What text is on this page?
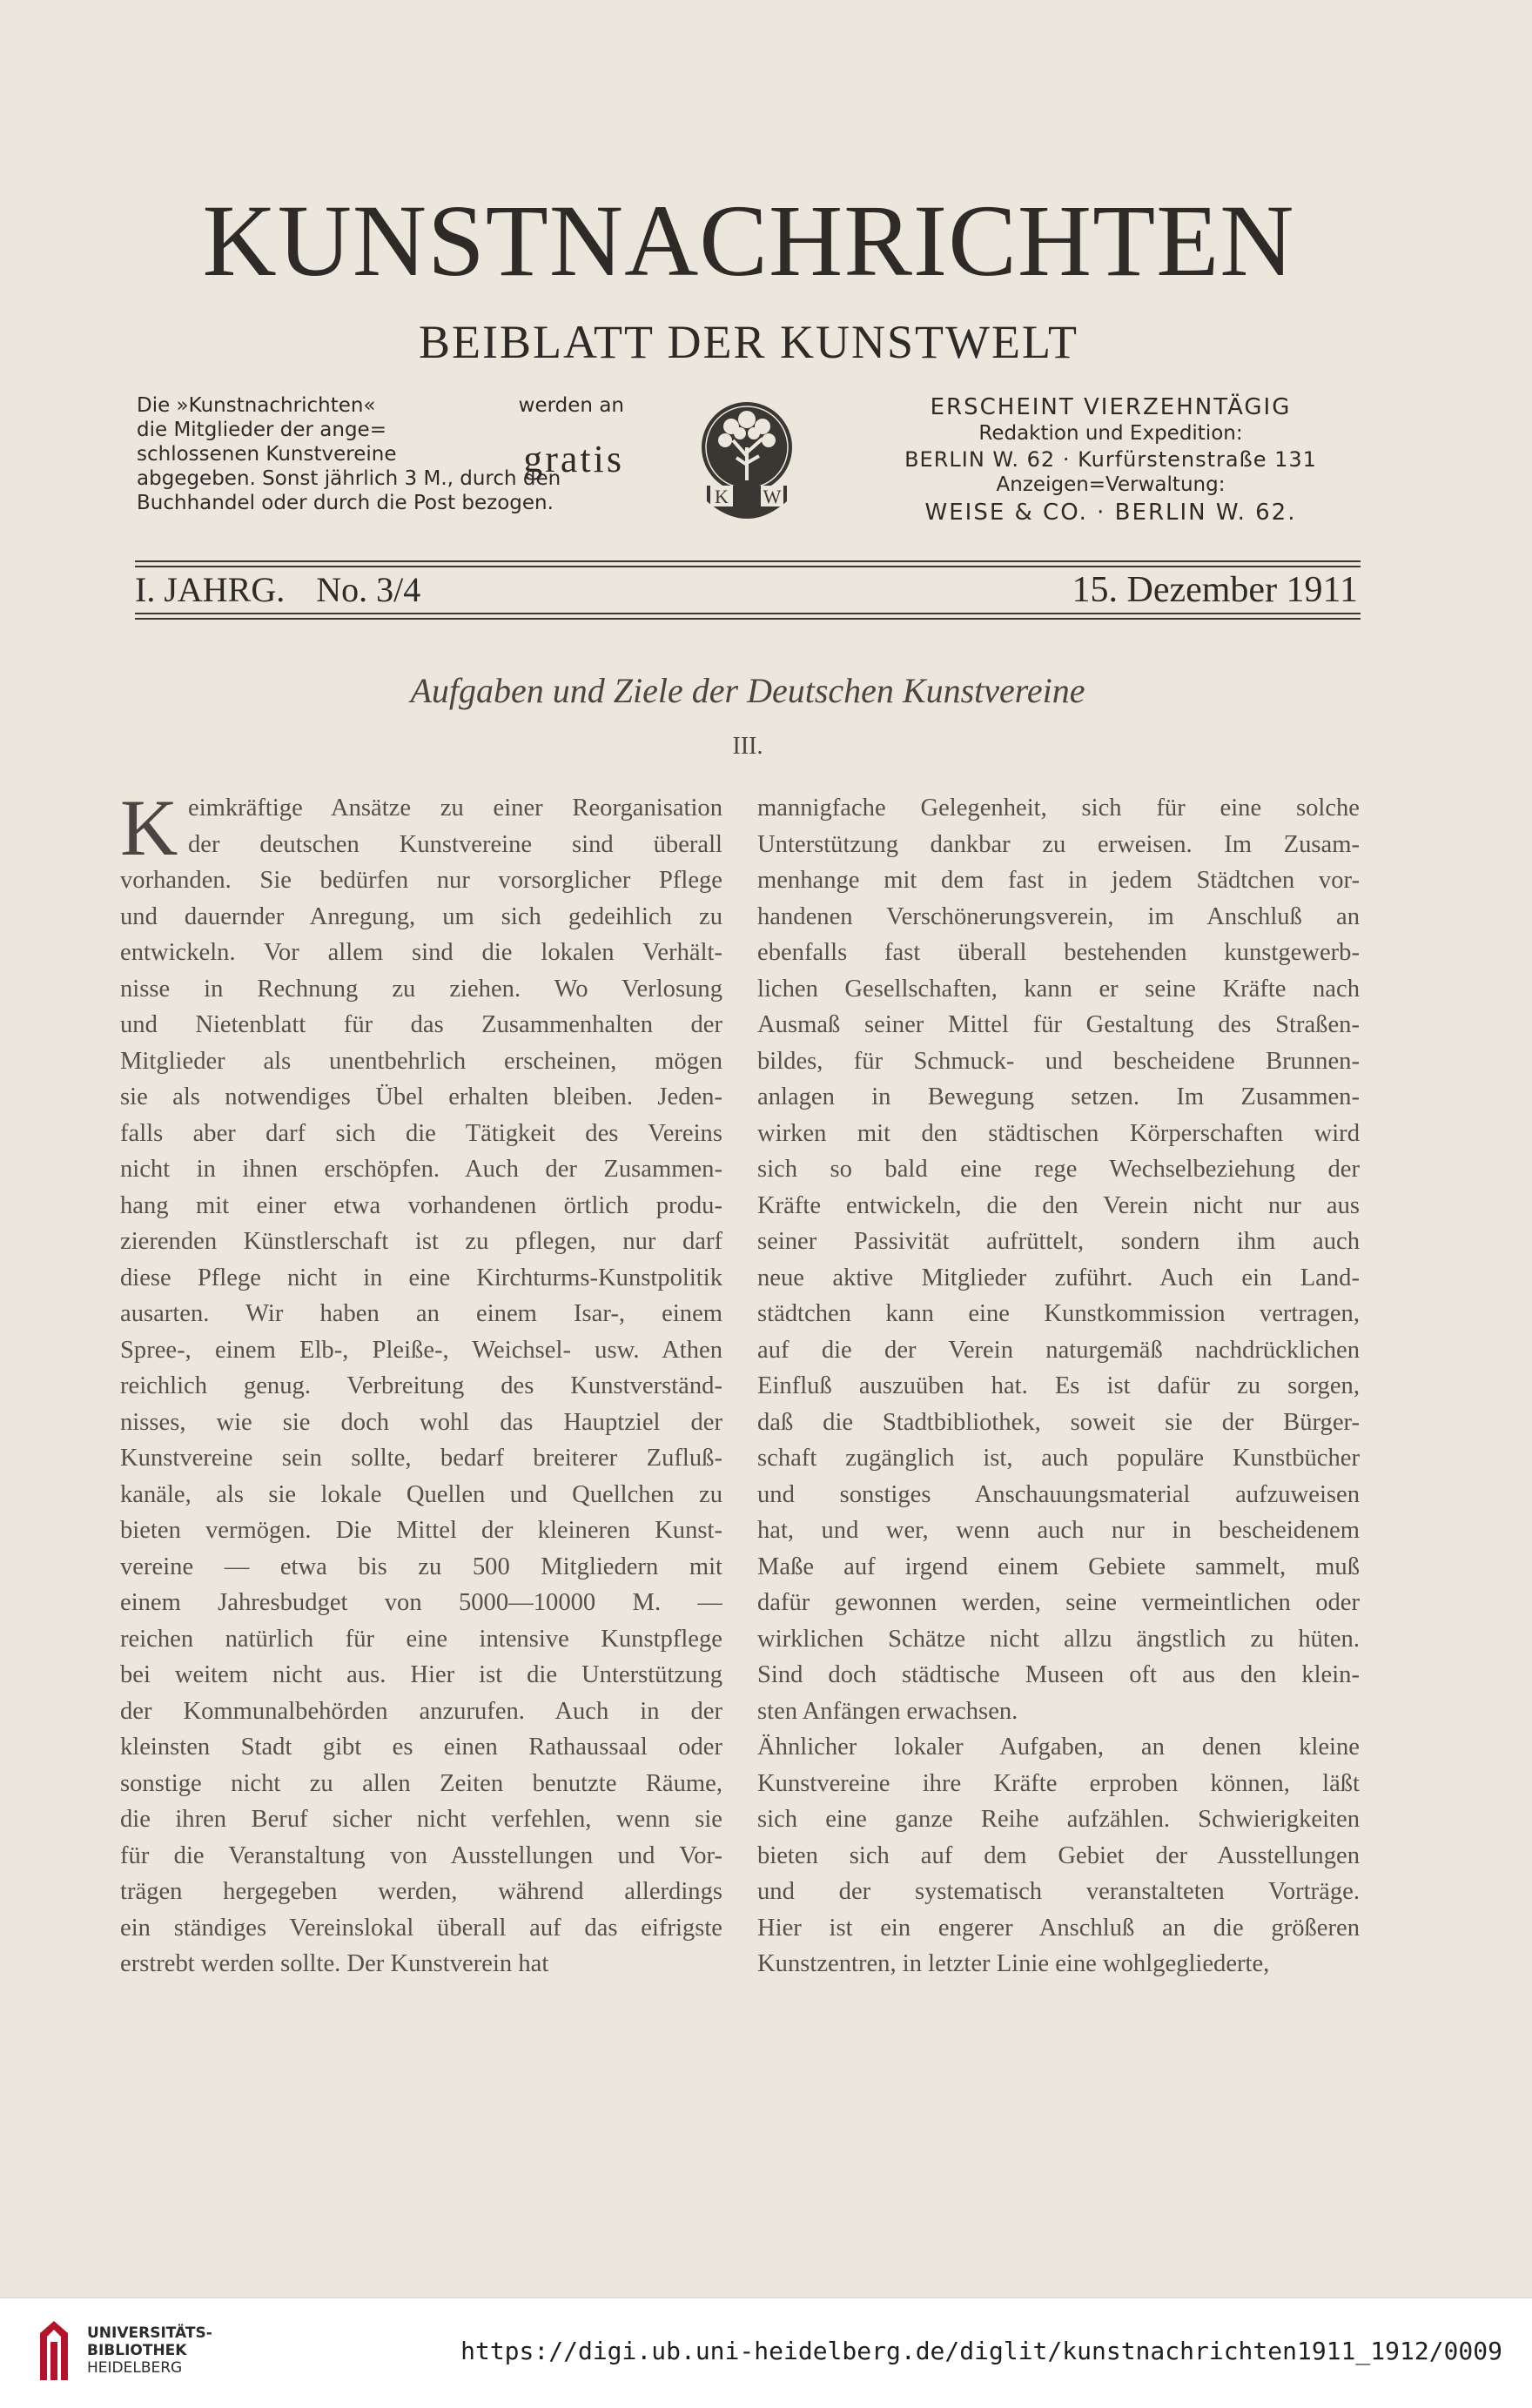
KUNSTNACHRICHTEN
BEIBLATT DER KUNSTWELT
Die »Kunstnachrichten«	werden an
die Mitglieder der ange=
schlossenen Kunstvereine	gratis
abgegeben. Sonst jährlich 3 M., durch den
Buchhandel oder durch die Post bezogen.	K W
ERSCHEINT VIERZEHNTÄGIG
Redaktion und Expedition:
BERLIN W. 62 · Kurfürstenstraße 131
Anzeigen=Verwaltung:
WEISE & CO. · BERLIN W. 62.
I. JAHRG. No. 3/4	15. Dezember 1911
Aufgaben und Ziele der Deutschen Kunstvereine
III.
K eimkräftige Ansätze zu einer Reorganisation
der deutschen Kunstvereine sind überall
vorhanden. Sie bedürfen nur vorsorglicher Pflege
und dauernder Anregung, um sich gedeihlich zu
entwickeln. Vor allem sind die lokalen Verhält-
nisse in Rechnung zu ziehen. Wo Verlosung
und Nietenblatt für das Zusammenhalten der
Mitglieder als unentbehrlich erscheinen, mögen
sie als notwendiges Übel erhalten bleiben. Jeden-
falls aber darf sich die Tätigkeit des Vereins
nicht in ihnen erschöpfen. Auch der Zusammen-
hang mit einer etwa vorhandenen örtlich produ-
zierenden Künstlerschaft ist zu pflegen, nur darf
diese Pflege nicht in eine Kirchturms-Kunstpolitik
ausarten. Wir haben an einem Isar-, einem
Spree-, einem Elb-, Pleiße-, Weichsel- usw. Athen
reichlich genug. Verbreitung des Kunstverständ-
nisses, wie sie doch wohl das Hauptziel der
Kunstvereine sein sollte, bedarf breiterer Zufluß-
kanäle, als sie lokale Quellen und Quellchen zu
bieten vermögen. Die Mittel der kleineren Kunst-
vereine — etwa bis zu 500 Mitgliedern mit
einem Jahresbudget von 5000—10000 M. —
reichen natürlich für eine intensive Kunstpflege
bei weitem nicht aus. Hier ist die Unterstützung
der Kommunalbehörden anzurufen. Auch in der
kleinsten Stadt gibt es einen Rathaussaal oder
sonstige nicht zu allen Zeiten benutzte Räume,
die ihren Beruf sicher nicht verfehlen, wenn sie
für die Veranstaltung von Ausstellungen und Vor-
trägen hergegeben werden, während allerdings
ein ständiges Vereinslokal überall auf das eifrigste
erstrebt werden sollte. Der Kunstverein hat
mannigfache Gelegenheit, sich für eine solche
Unterstützung dankbar zu erweisen. Im Zusam-
menhange mit dem fast in jedem Städtchen vor-
handenen Verschönerungsverein, im Anschluß an
ebenfalls fast überall bestehenden kunstgewerb-
lichen Gesellschaften, kann er seine Kräfte nach
Ausmaß seiner Mittel für Gestaltung des Straßen-
bildes, für Schmuck- und bescheidene Brunnen-
anlagen in Bewegung setzen. Im Zusammen-
wirken mit den städtischen Körperschaften wird
sich so bald eine rege Wechselbeziehung der
Kräfte entwickeln, die den Verein nicht nur aus
seiner Passivität aufrüttelt, sondern ihm auch
neue aktive Mitglieder zuführt. Auch ein Land-
städtchen kann eine Kunstkommission vertragen,
auf die der Verein naturgemäß nachdrücklichen
Einfluß auszuüben hat. Es ist dafür zu sorgen,
daß die Stadtbibliothek, soweit sie der Bürger-
schaft zugänglich ist, auch populäre Kunstbücher
und sonstiges Anschauungsmaterial aufzuweisen
hat, und wer, wenn auch nur in bescheidenem
Maße auf irgend einem Gebiete sammelt, muß
dafür gewonnen werden, seine vermeintlichen oder
wirklichen Schätze nicht allzu ängstlich zu hüten.
Sind doch städtische Museen oft aus den klein-
sten Anfängen erwachsen.
Ähnlicher lokaler Aufgaben, an denen kleine
Kunstvereine ihre Kräfte erproben können, läßt
sich eine ganze Reihe aufzählen. Schwierigkeiten
bieten sich auf dem Gebiet der Ausstellungen
und der systematisch veranstalteten Vorträge.
Hier ist ein engerer Anschluß an die größeren
Kunstzentren, in letzter Linie eine wohlgegliederte,
UNIVERSITÄTS-
BIBLIOTHEK
HEIDELBERG
https://digi.ub.uni-heidelberg.de/diglit/kunstnachrichten1911_1912/0009
